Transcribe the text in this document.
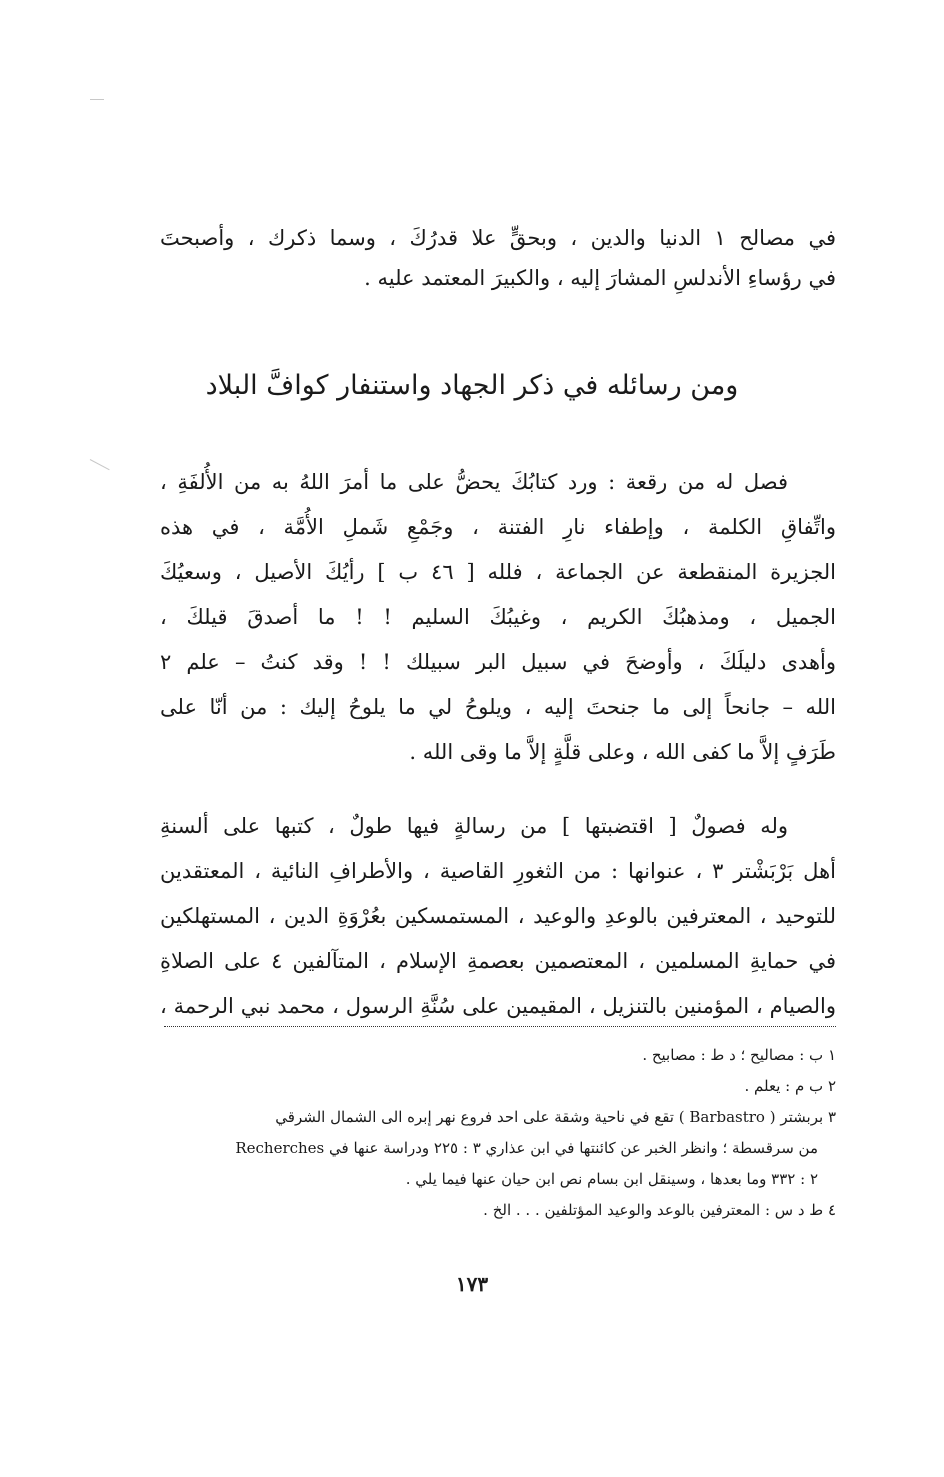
في مصالح ١ الدنيا والدين ، وبحقٍّ علا قدرُكَ ، وسما ذكرك ، وأصبحتَ
في رؤساءِ الأندلسِ المشارَ إليه ، والكبيرَ المعتمد عليه .
ومن رسائله في ذكر الجهاد واستنفار كوافَّ البلاد
فصل له من رقعة : ورد كتابُكَ يحضُّ على ما أمرَ اللهُ به من الأُلفَةِ ،
واتِّفاقِ الكلمة ، وإطفاء نارِ الفتنة ، وجَمْعِ شَملِ الأُمَّة ، في هذه
الجزيرة المنقطعة عن الجماعة ، فلله [ ٤٦ ب ] رأيُكَ الأصيل ، وسعيُكَ
الجميل ، ومذهبُكَ الكريم ، وغيبُكَ السليم ! ! ما أصدقَ قيلكَ ،
وأهدى دليلَكَ ، وأوضحَ في سبيل البر سبيلك ! ! وقد كنتُ – علم ٢
الله – جانحاً إلى ما جنحتَ إليه ، ويلوحُ لي ما يلوحُ إليك : من أنّا على
طَرَفٍ إلاَّ ما كفى الله ، وعلى قلَّةٍ إلاَّ ما وقى الله .
وله فصولٌ [ اقتضبتها ] من رسالةٍ فيها طولٌ ، كتبها على ألسنةِ
أهل بَرْبَشْتر ٣ ، عنوانها : من الثغورِ القاصية ، والأطرافِ النائية ، المعتقدين
للتوحيد ، المعترفين بالوعدِ والوعيد ، المستمسكين بعُرْوَةِ الدين ، المستهلكين
في حمايةِ المسلمين ، المعتصمين بعصمةِ الإسلام ، المتآلفين ٤ على الصلاةِ
والصيام ، المؤمنين بالتنزيل ، المقيمين على سُنَّةِ الرسول ، محمد نبي الرحمة ،
١ ب : مصاليح ؛ د ط : مصابيح .
٢ ب م : يعلم .
٣ بربشتر ( Barbastro ) تقع في ناحية وشقة على احد فروع نهر إبره الى الشمال الشرقي
من سرقسطة ؛ وانظر الخبر عن كائنتها في ابن عذاري ٣ : ٢٢٥ ودراسة عنها في Recherches
٢ : ٣٣٢ وما بعدها ، وسينقل ابن بسام نص ابن حيان عنها فيما يلي .
٤ ط د س : المعترفين بالوعد والوعيد المؤتلفين . . . الخ .
١٧٣
